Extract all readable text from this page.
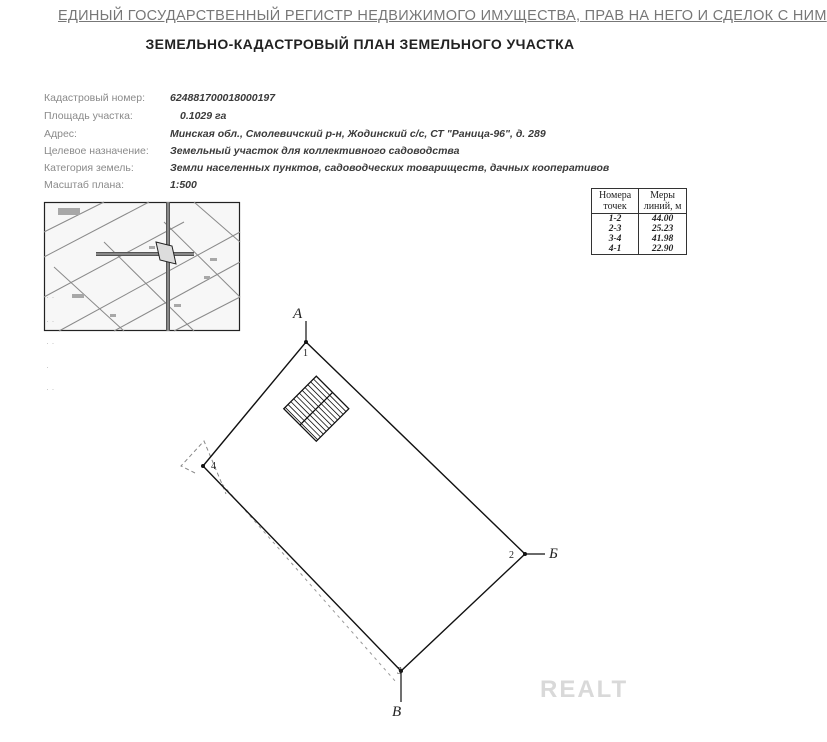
ЕДИНЫЙ ГОСУДАРСТВЕННЫЙ РЕГИСТР НЕДВИЖИМОГО ИМУЩЕСТВА, ПРАВ НА НЕГО И СДЕЛОК С НИМ
ЗЕМЕЛЬНО-КАДАСТРОВЫЙ ПЛАН ЗЕМЕЛЬНОГО УЧАСТКА
Кадастровый номер: 624881700018000197
Площадь участка:	0.1029 га
Адрес:	Минская обл., Смолевичский р-н, Жодинский с/с, СТ "Раница-96", д. 289
Целевое назначение: Земельный участок для коллективного садоводства
Категория земель:	Земли населенных пунктов, садоводческих товариществ, дачных кооперативов
Масштаб плана:	1:500
Номера точек	Меры линий, м
1-2	44.00
2-3	25.23
3-4	41.98
4-1	22.90
· ·
· ·
· ·
·
· ·
А
Б
В
1
2
3
4
REALT
